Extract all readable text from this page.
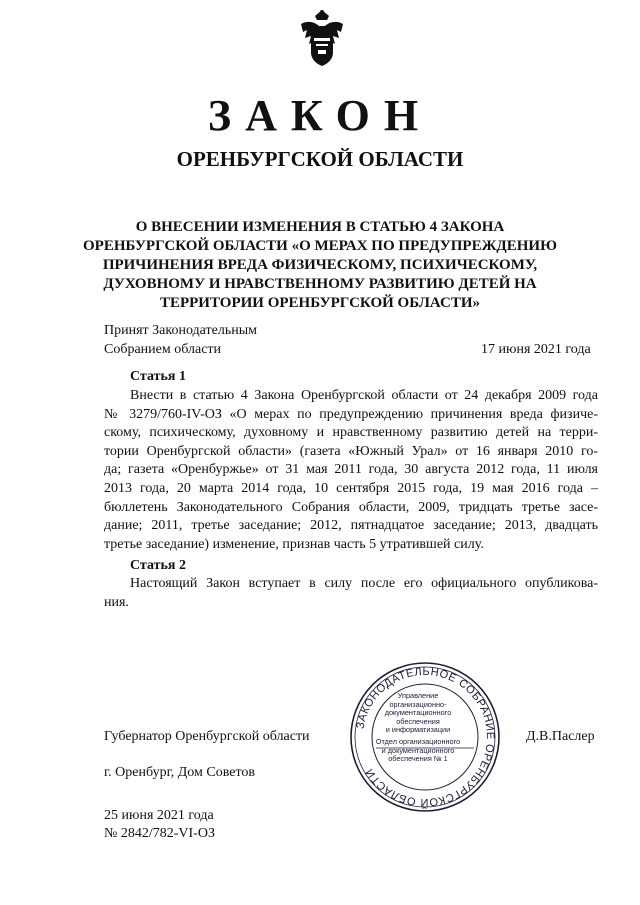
ЗАКОН
ОРЕНБУРГСКОЙ ОБЛАСТИ
О ВНЕСЕНИИ ИЗМЕНЕНИЯ В СТАТЬЮ 4 ЗАКОНА
ОРЕНБУРГСКОЙ ОБЛАСТИ «О МЕРАХ ПО ПРЕДУПРЕЖДЕНИЮ
ПРИЧИНЕНИЯ ВРЕДА ФИЗИЧЕСКОМУ, ПСИХИЧЕСКОМУ,
ДУХОВНОМУ И НРАВСТВЕННОМУ РАЗВИТИЮ ДЕТЕЙ НА
ТЕРРИТОРИИ ОРЕНБУРГСКОЙ ОБЛАСТИ»
Принят Законодательным
Собранием области	17 июня 2021 года
Статья 1
Внести в статью 4 Закона Оренбургской области от 24 декабря 2009 года
№ 3279/760-IV-ОЗ «О мерах по предупреждению причинения вреда физиче-
скому, психическому, духовному и нравственному развитию детей на терри-
тории Оренбургской области» (газета «Южный Урал» от 16 января 2010 го-
да; газета «Оренбуржье» от 31 мая 2011 года, 30 августа 2012 года, 11 июля
2013 года, 20 марта 2014 года, 10 сентября 2015 года, 19 мая 2016 года –
бюллетень Законодательного Собрания области, 2009, тридцать третье засе-
дание; 2011, третье заседание; 2012, пятнадцатое заседание; 2013, двадцать
третье заседание) изменение, признав часть 5 утратившей силу.
Статья 2
Настоящий Закон вступает в силу после его официального опубликова-
ния.
Губернатор Оренбургской области	Д.В.Паслер
г. Оренбург, Дом Советов
ЗАКОНОДАТЕЛЬНОЕ СОБРАНИЕ ОРЕНБУРГСКОЙ ОБЛАСТИ
Управление
организационно-
документационного
обеспечения
и информатизации
Отдел организационного
и документационного
обеспечения № 1
25 июня 2021 года
№ 2842/782-VI-ОЗ
